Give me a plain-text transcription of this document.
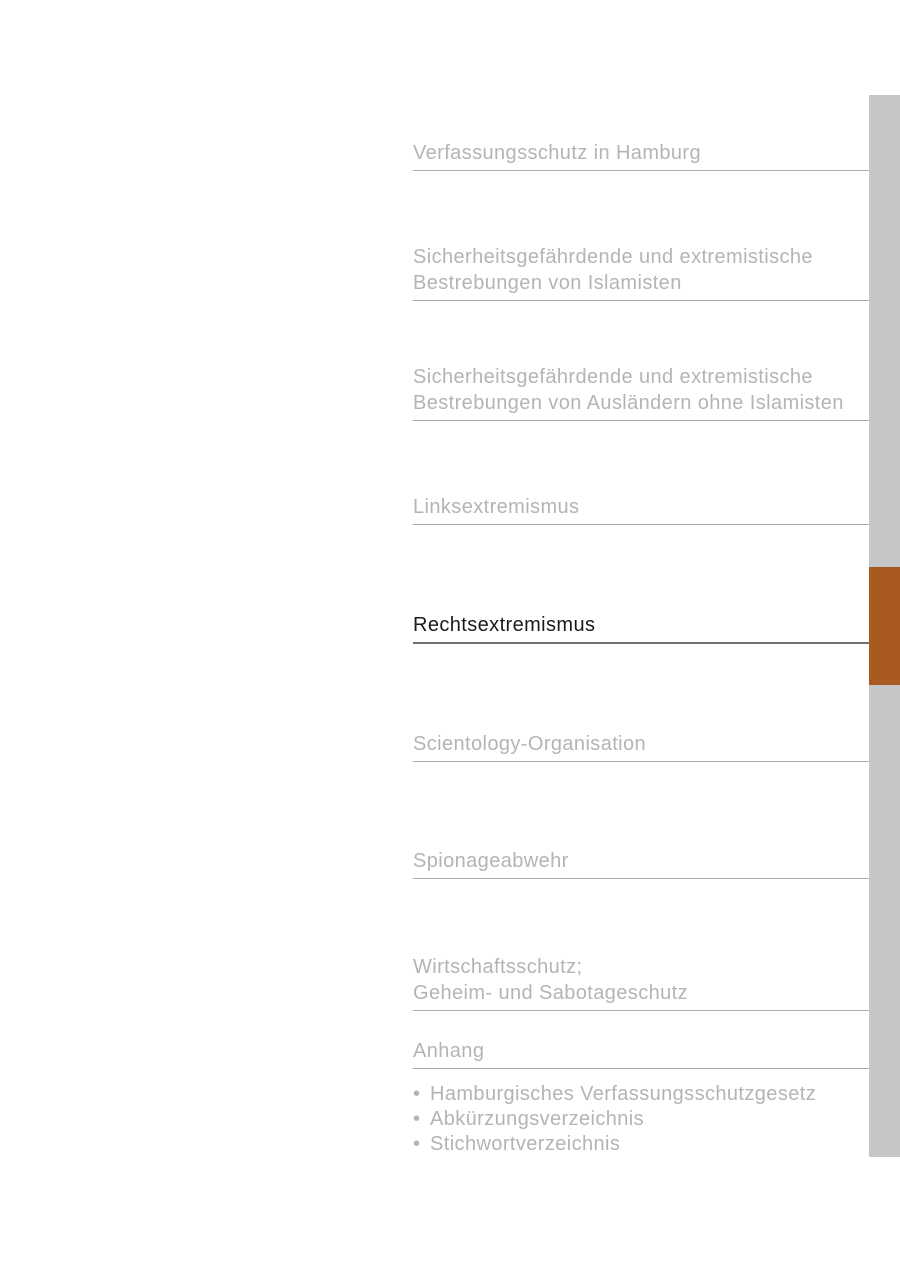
Verfassungsschutz in Hamburg
Sicherheitsgefährdende und extremistische
Bestrebungen von Islamisten
Sicherheitsgefährdende und extremistische
Bestrebungen von Ausländern ohne Islamisten
Linksextremismus
Rechtsextremismus
Scientology-Organisation
Spionageabwehr
Wirtschaftsschutz;
Geheim- und Sabotageschutz
Anhang
• Hamburgisches Verfassungsschutzgesetz
• Abkürzungsverzeichnis
• Stichwortverzeichnis
